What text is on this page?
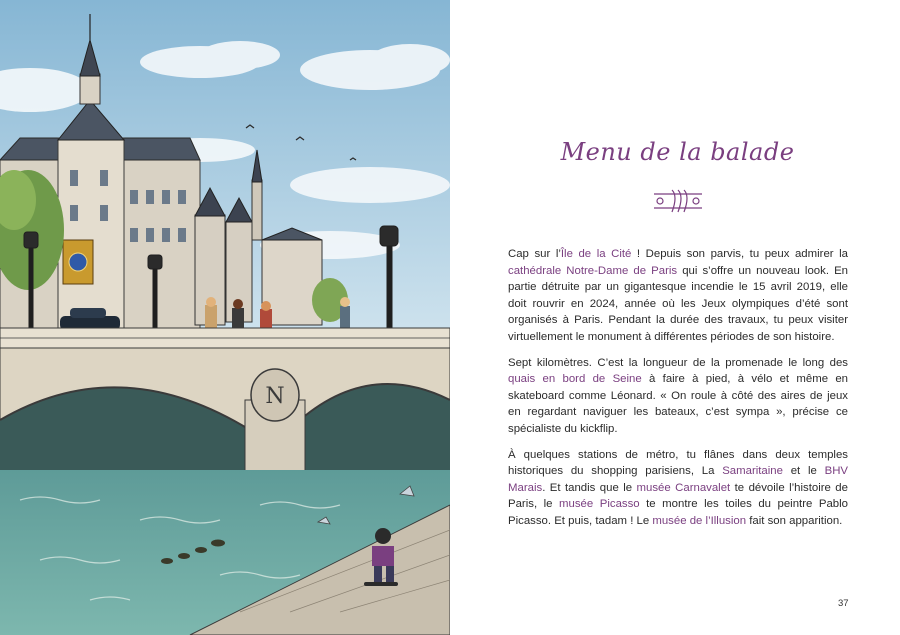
N
Menu de la balade

Cap sur l’Île de la Cité ! Depuis son parvis, tu peux admirer la cathédrale Notre-Dame de Paris qui s’offre un nouveau look. En partie détruite par un gigantesque incendie le 15 avril 2019, elle doit rouvrir en 2024, année où les Jeux olympiques d’été sont organisés à Paris. Pendant la durée des travaux, tu peux visiter virtuellement le monument à différentes périodes de son histoire.

Sept kilomètres. C’est la longueur de la promenade le long des quais en bord de Seine à faire à pied, à vélo et même en skateboard comme Léonard. « On roule à côté des aires de jeux en regardant naviguer les bateaux, c’est sympa », précise ce spécialiste du kickflip.

À quelques stations de métro, tu flânes dans deux temples historiques du shopping parisiens, La Samaritaine et le BHV Marais. Et tandis que le musée Carnavalet te dévoile l’histoire de Paris, le musée Picasso te montre les toiles du peintre Pablo Picasso. Et puis, tadam ! Le musée de l’Illusion fait son apparition.

37
